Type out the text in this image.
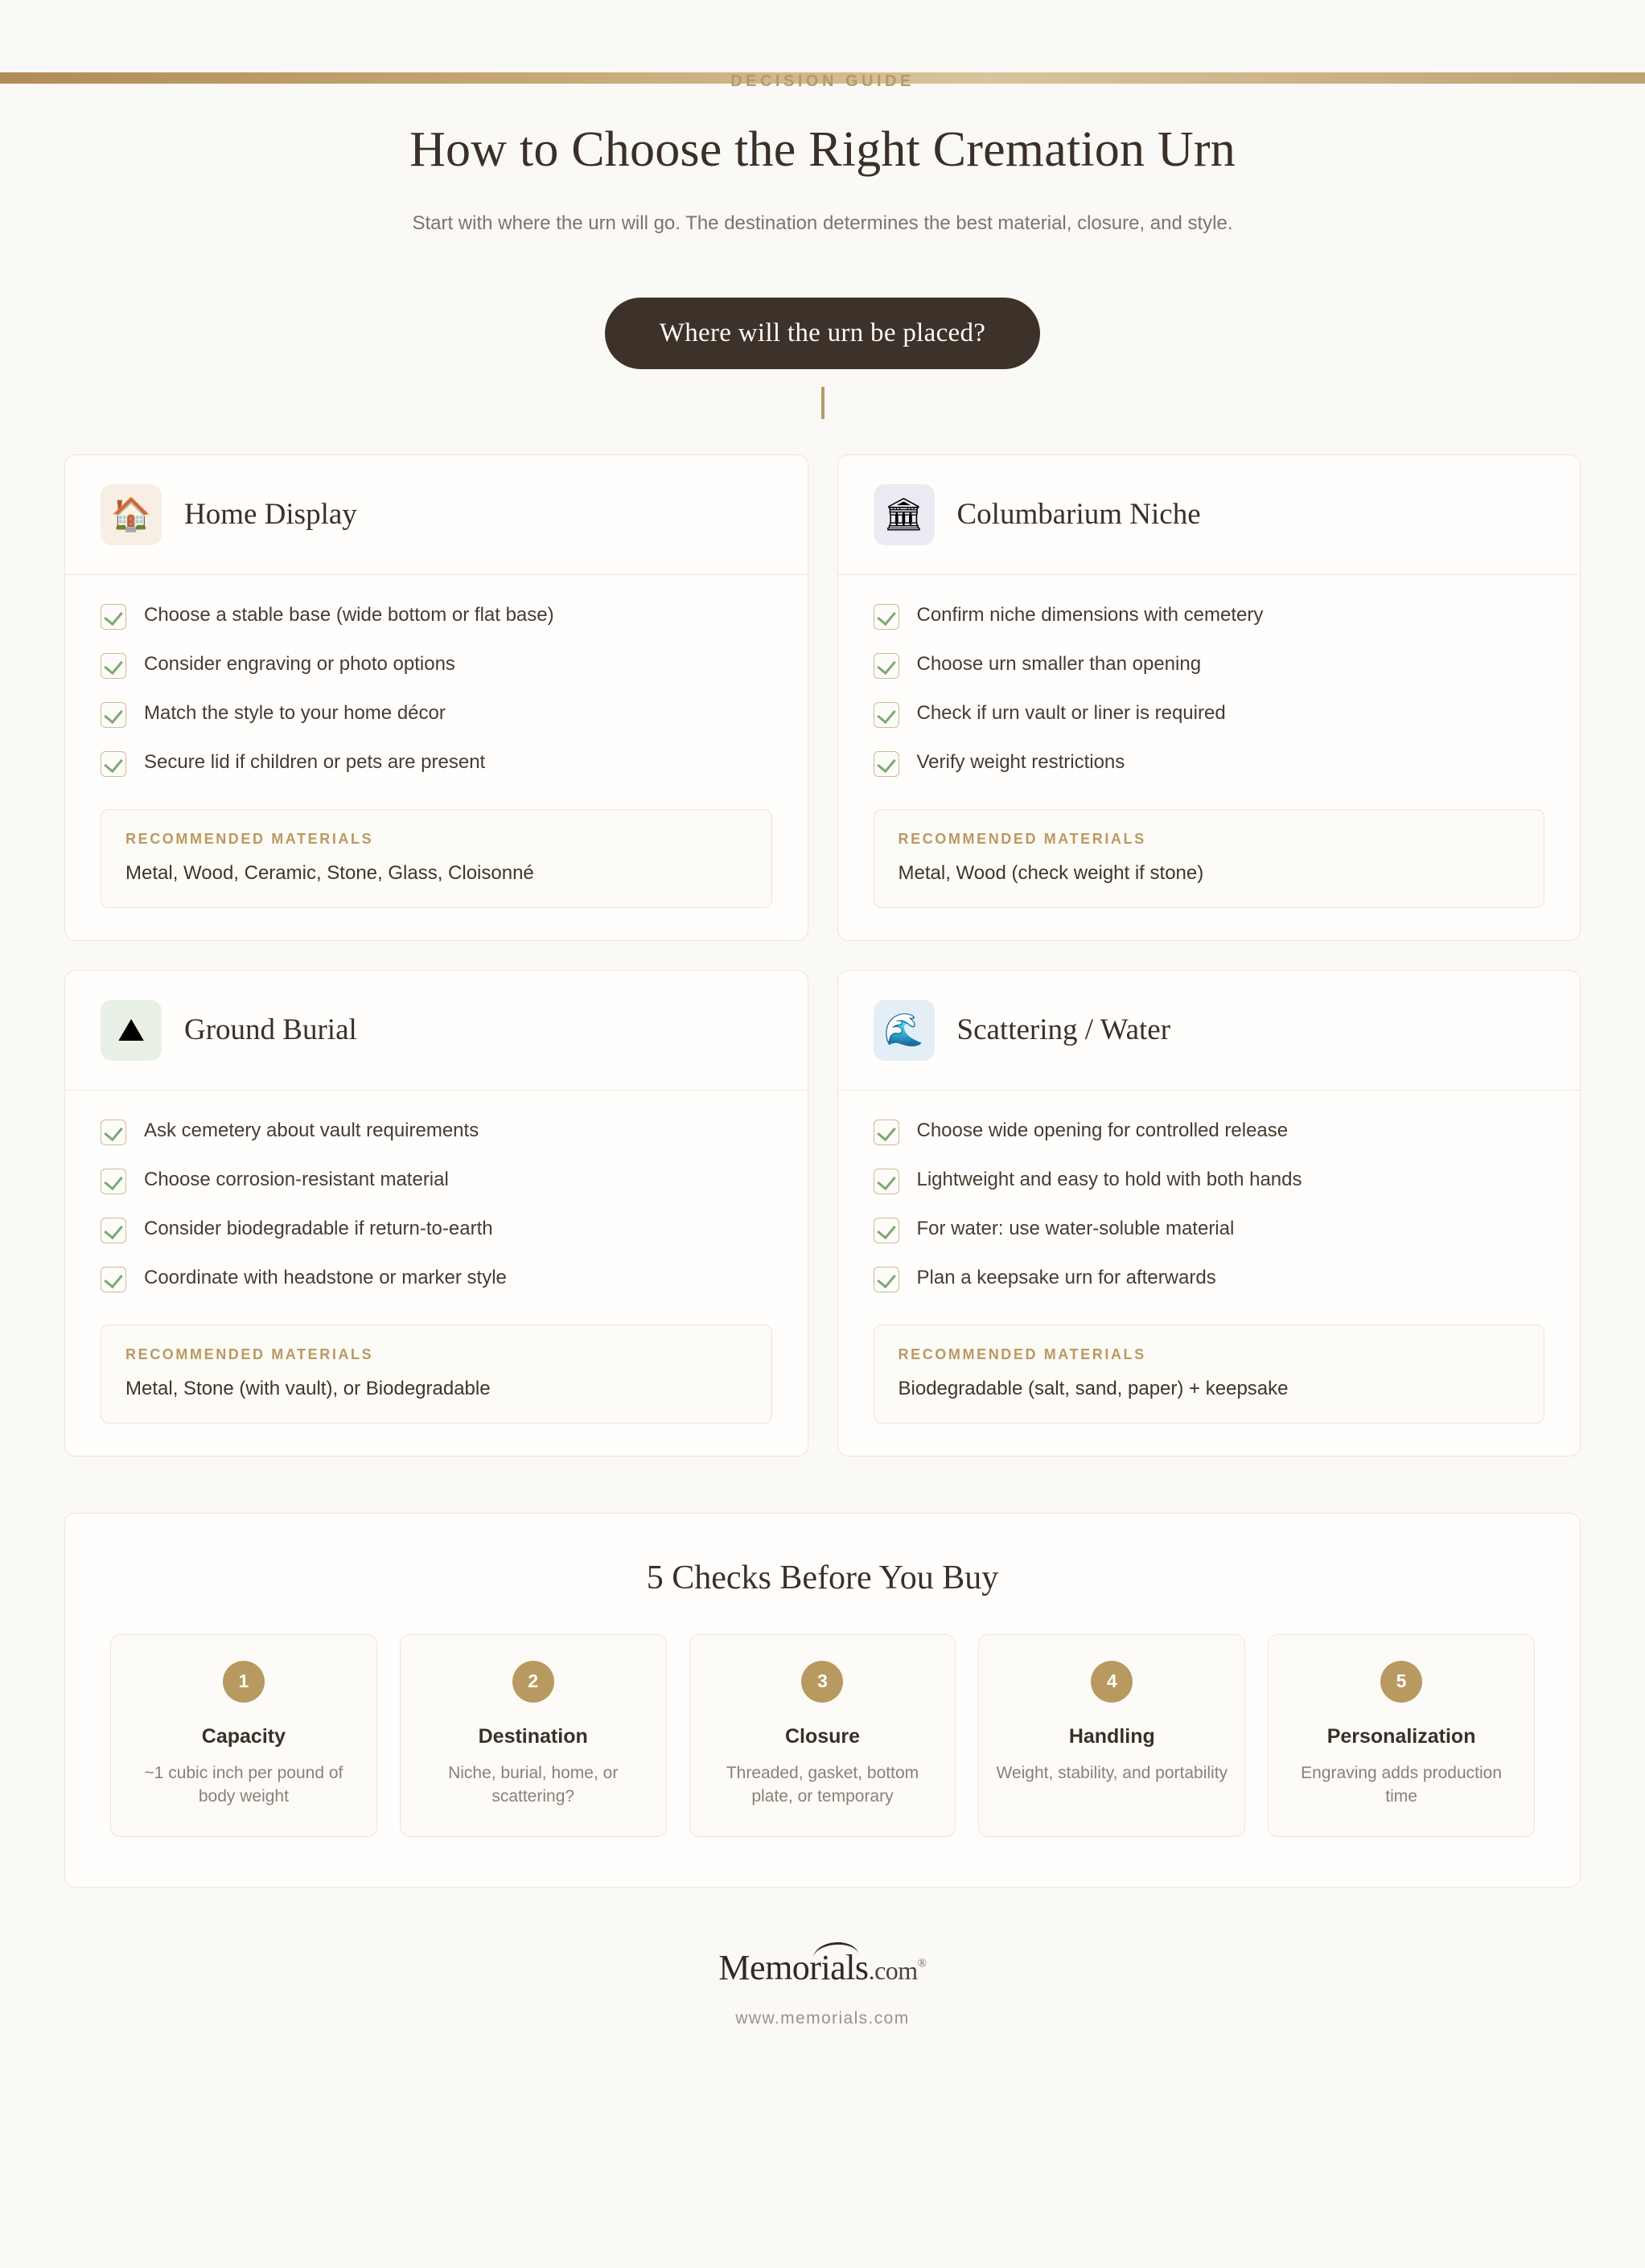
DECISION GUIDE
How to Choose the Right Cremation Urn
Start with where the urn will go. The destination determines the best material, closure, and style.
Where will the urn be placed?
🏠 Home Display
Choose a stable base (wide bottom or flat base)
Consider engraving or photo options
Match the style to your home décor
Secure lid if children or pets are present
RECOMMENDED MATERIALS
Metal, Wood, Ceramic, Stone, Glass, Cloisonné
🏛 Columbarium Niche
Confirm niche dimensions with cemetery
Choose urn smaller than opening
Check if urn vault or liner is required
Verify weight restrictions
RECOMMENDED MATERIALS
Metal, Wood (check weight if stone)
⛰ Ground Burial
Ask cemetery about vault requirements
Choose corrosion-resistant material
Consider biodegradable if return-to-earth
Coordinate with headstone or marker style
RECOMMENDED MATERIALS
Metal, Stone (with vault), or Biodegradable
🌊 Scattering / Water
Choose wide opening for controlled release
Lightweight and easy to hold with both hands
For water: use water-soluble material
Plan a keepsake urn for afterwards
RECOMMENDED MATERIALS
Biodegradable (salt, sand, paper) + keepsake
5 Checks Before You Buy
1
Capacity
~1 cubic inch per pound of body weight
2
Destination
Niche, burial, home, or scattering?
3
Closure
Threaded, gasket, bottom plate, or temporary
4
Handling
Weight, stability, and portability
5
Personalization
Engraving adds production time
Memorials.com®
www.memorials.com
